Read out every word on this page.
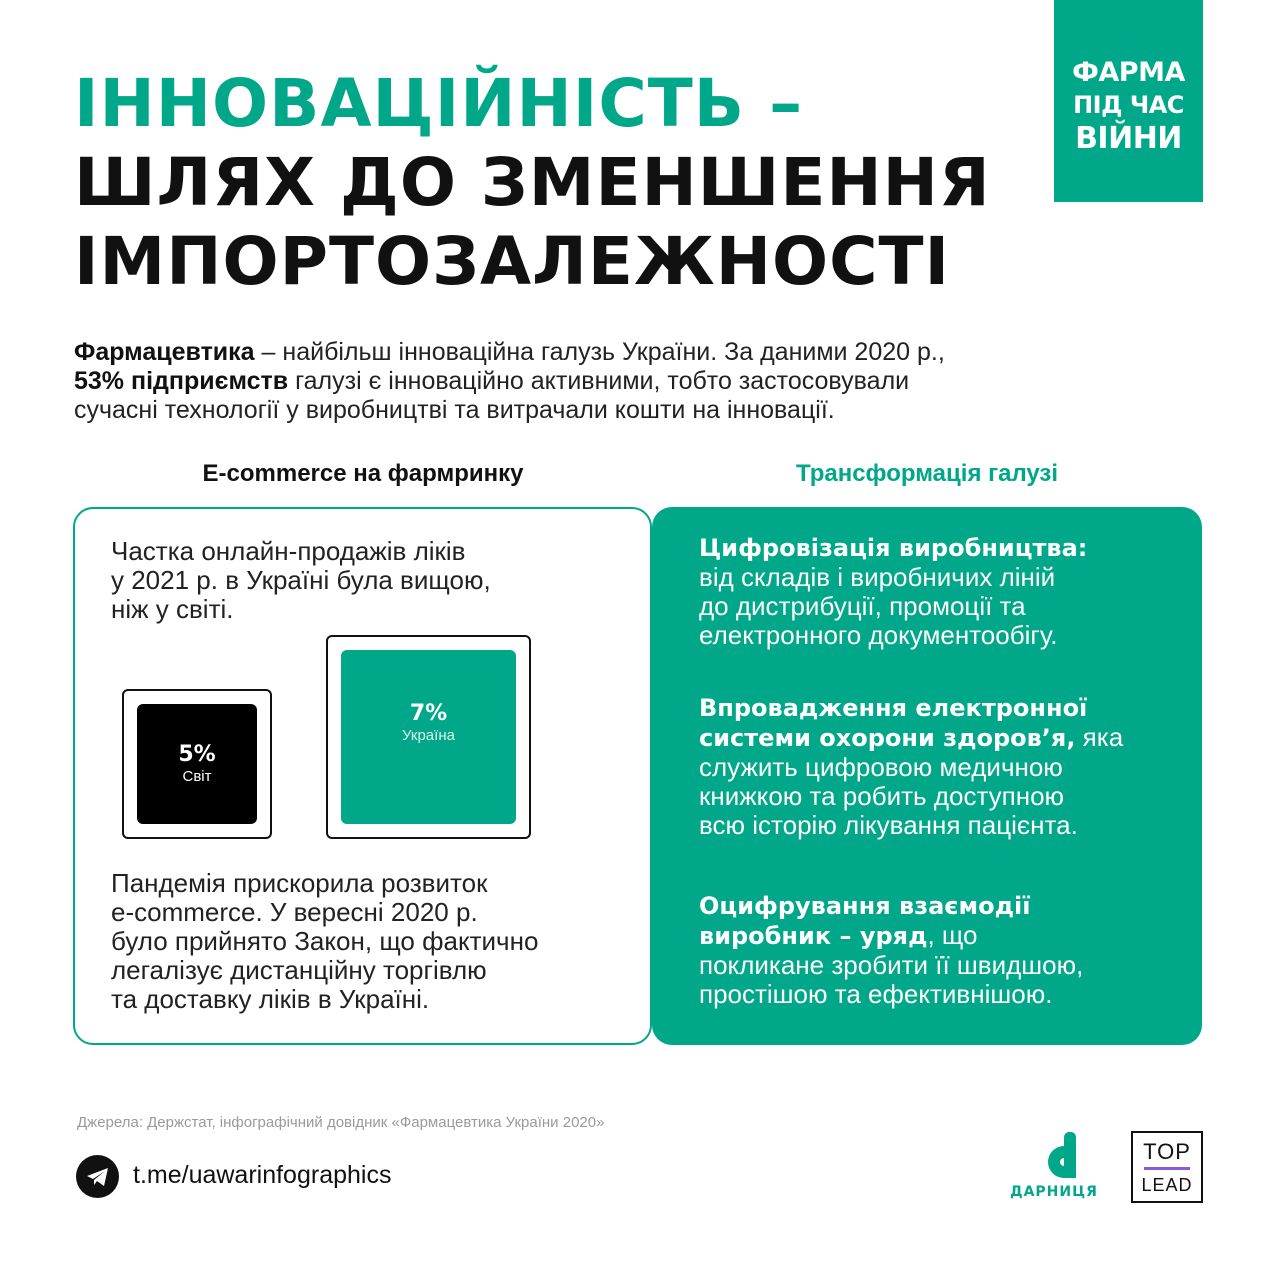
ІННОВАЦІЙНІСТЬ –
ШЛЯХ ДО ЗМЕНШЕННЯ
ІМПОРТОЗАЛЕЖНОСТІ
ФАРМА
ПІД ЧАС
ВІЙНИ

Фармацевтика – найбільш інноваційна галузь України. За даними 2020 р.,

53% підприємств галузі є інноваційно активними, тобто застосовували

сучасні технології у виробництві та витрачали кошти на інновації.

E-commerce на фармринку	Трансформація галузі

Частка онлайн-продажів ліків

у 2021 р. в Україні була вищою,

ніж у світі.

5%
Світ
7%
Україна

Пандемія прискорила розвиток

e-commerce. У вересні 2020 р.

було прийнято Закон, що фактично

легалізує дистанційну торгівлю

та доставку ліків в Україні.

Цифровізація виробництва:

від складів і виробничих ліній

до дистрибуції, промоції та

електронного документообігу.

Впровадження електронної

системи охорони здоров’я, яка

служить цифровою медичною

книжкою та робить доступною

всю історію лікування пацієнта.

Оцифрування взаємодії

виробник – уряд, що

покликане зробити її швидшою,

простішою та ефективнішою.

Джерела: Держстат, інфографічний довідник «Фармацевтика України 2020»
t.me/uawarinfographics
ДАРНИЦЯ
TOP
LEAD
